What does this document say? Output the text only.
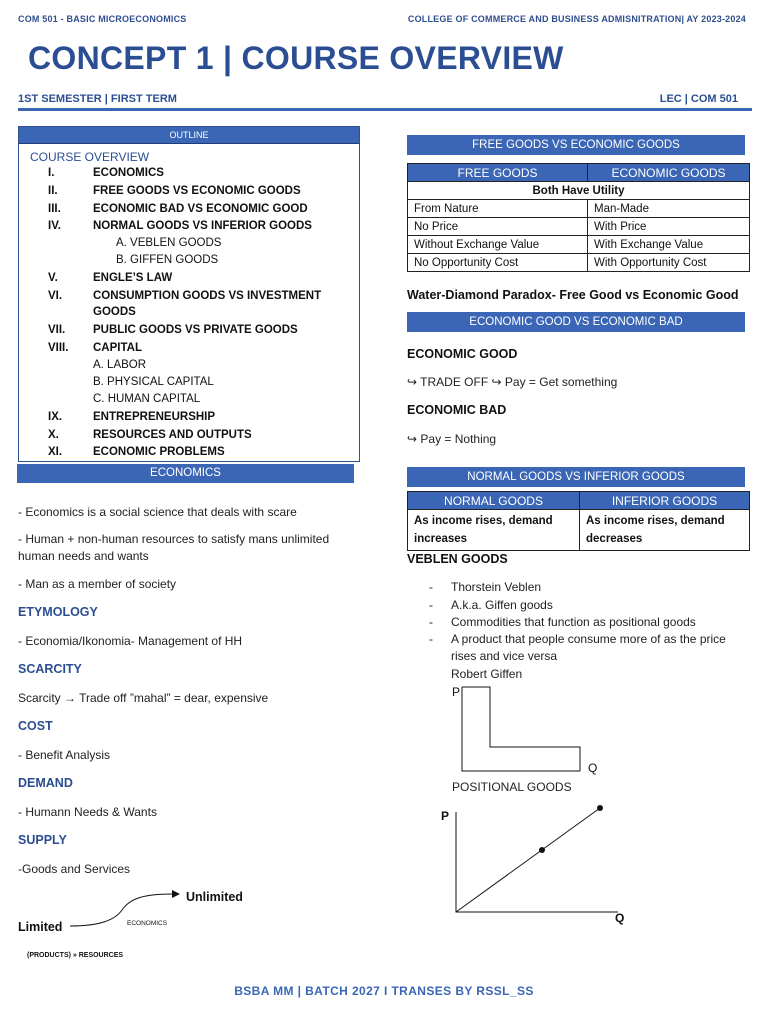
COM 501 - BASIC MICROECONOMICS	COLLEGE OF COMMERCE AND BUSINESS ADMISNITRATION| AY 2023-2024
CONCEPT 1 | COURSE OVERVIEW
1ST SEMESTER | FIRST TERM	LEC | COM 501
OUTLINE
COURSE OVERVIEW
I.	ECONOMICS
II.	FREE GOODS VS ECONOMIC GOODS
III.	ECONOMIC BAD VS ECONOMIC GOOD
IV.	NORMAL GOODS VS INFERIOR GOODS
A. VEBLEN GOODS
B. GIFFEN GOODS
V.	ENGLE’S LAW
VI.	CONSUMPTION GOODS VS INVESTMENT
GOODS
VII. PUBLIC GOODS VS PRIVATE GOODS
VIII. CAPITAL
A. LABOR
B. PHYSICAL CAPITAL
C. HUMAN CAPITAL
IX.	ENTREPRENEURSHIP
X.	RESOURCES AND OUTPUTS
XI.	ECONOMIC PROBLEMS
ECONOMICS
- Economics is a social science that deals with scare
- Human + non-human resources to satisfy mans unlimited
human needs and wants
- Man as a member of society
ETYMOLOGY
- Economia/Ikonomia- Management of HH
SCARCITY
Scarcity → Trade off ”mahal” = dear, expensive
COST
- Benefit Analysis
DEMAND
- Humann Needs & Wants
SUPPLY
-Goods and Services
Unlimited
Limited	ECONOMICS
(PRODUCTS) » RESOURCES
FREE GOODS VS ECONOMIC GOODS
FREE GOODS	ECONOMIC GOODS
Both Have Utility	
From Nature	Man-Made
No Price	With Price
Without Exchange Value	With Exchange Value
No Opportunity Cost	With Opportunity Cost
Water-Diamond Paradox- Free Good vs Economic Good
ECONOMIC GOOD VS ECONOMIC BAD
ECONOMIC GOOD
↪ TRADE OFF ↪ Pay = Get something
ECONOMIC BAD
↪ Pay = Nothing
NORMAL GOODS VS INFERIOR GOODS
NORMAL GOODS	INFERIOR GOODS
As income rises, demand
increases	As income rises, demand
decreases
VEBLEN GOODS
- Thorstein Veblen
- A.k.a. Giffen goods
- Commodities that function as positional goods
- A product that people consume more of as the price
rises and vice versa
Robert Giffen
P
Q
POSITIONAL GOODS
P
Q
BSBA MM | BATCH 2027 I TRANSES BY RSSL_SS
